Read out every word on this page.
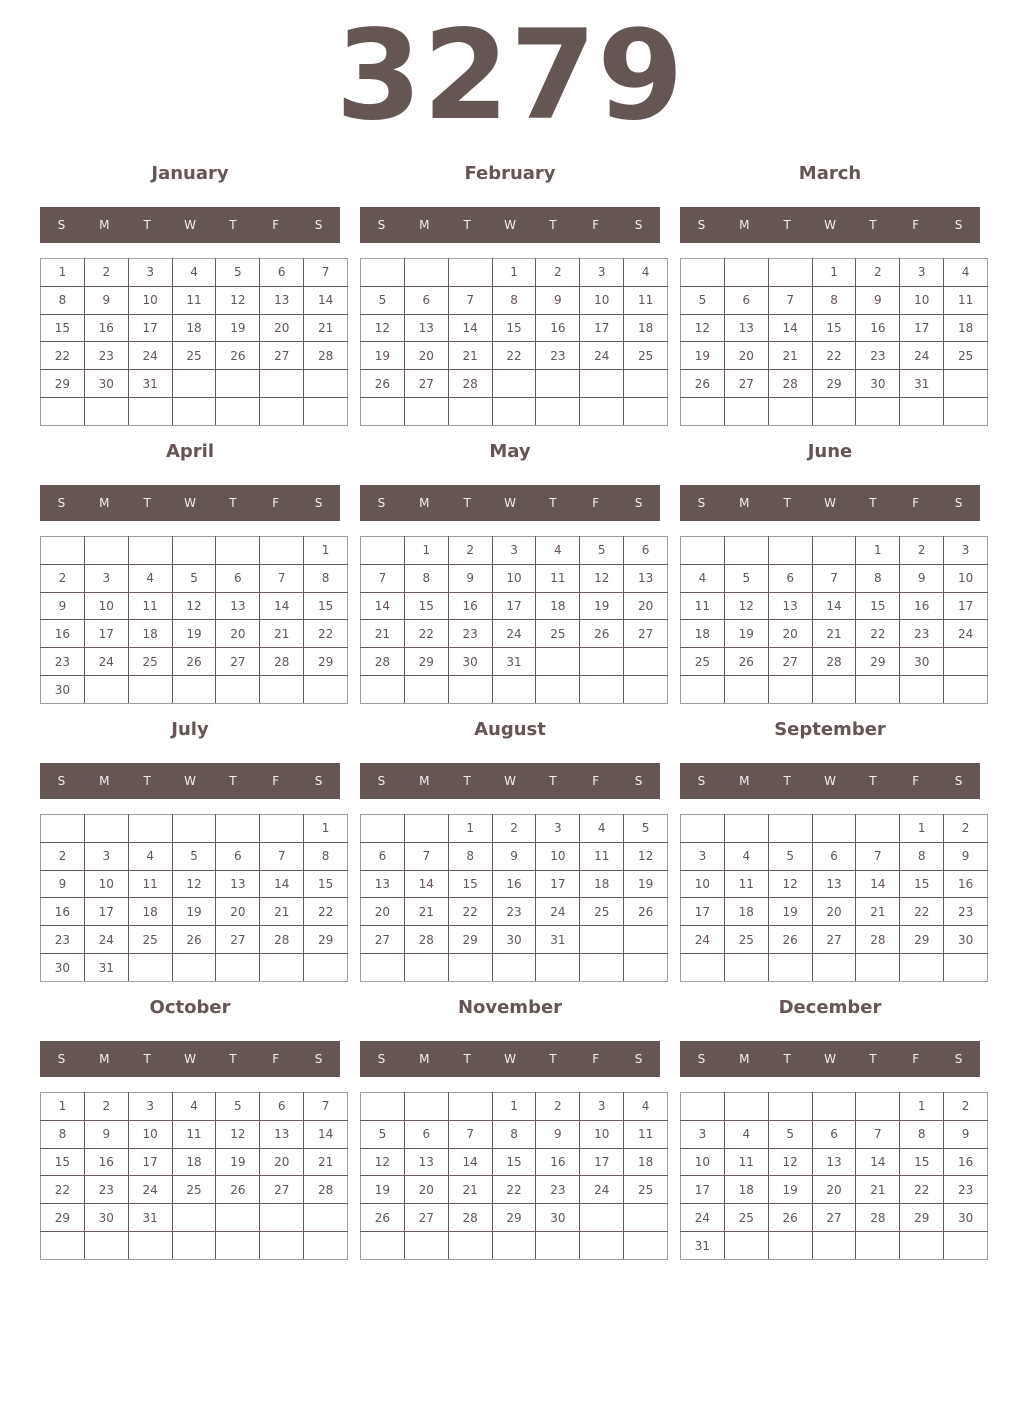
3279
January
S	M	T	W	T	F	S
1	2	3	4	5	6	7
8	9	10	11	12	13	14
15	16	17	18	19	20	21
22	23	24	25	26	27	28
29	30	31				

February
S	M	T	W	T	F	S
			1	2	3	4
5	6	7	8	9	10	11
12	13	14	15	16	17	18
19	20	21	22	23	24	25
26	27	28				

March
S	M	T	W	T	F	S
			1	2	3	4
5	6	7	8	9	10	11
12	13	14	15	16	17	18
19	20	21	22	23	24	25
26	27	28	29	30	31	

April
S	M	T	W	T	F	S
						1
2	3	4	5	6	7	8
9	10	11	12	13	14	15
16	17	18	19	20	21	22
23	24	25	26	27	28	29
30						
May
S	M	T	W	T	F	S
	1	2	3	4	5	6
7	8	9	10	11	12	13
14	15	16	17	18	19	20
21	22	23	24	25	26	27
28	29	30	31			

June
S	M	T	W	T	F	S
				1	2	3
4	5	6	7	8	9	10
11	12	13	14	15	16	17
18	19	20	21	22	23	24
25	26	27	28	29	30	

July
S	M	T	W	T	F	S
						1
2	3	4	5	6	7	8
9	10	11	12	13	14	15
16	17	18	19	20	21	22
23	24	25	26	27	28	29
30	31					
August
S	M	T	W	T	F	S
		1	2	3	4	5
6	7	8	9	10	11	12
13	14	15	16	17	18	19
20	21	22	23	24	25	26
27	28	29	30	31		

September
S	M	T	W	T	F	S
					1	2
3	4	5	6	7	8	9
10	11	12	13	14	15	16
17	18	19	20	21	22	23
24	25	26	27	28	29	30

October
S	M	T	W	T	F	S
1	2	3	4	5	6	7
8	9	10	11	12	13	14
15	16	17	18	19	20	21
22	23	24	25	26	27	28
29	30	31				

November
S	M	T	W	T	F	S
			1	2	3	4
5	6	7	8	9	10	11
12	13	14	15	16	17	18
19	20	21	22	23	24	25
26	27	28	29	30		

December
S	M	T	W	T	F	S
					1	2
3	4	5	6	7	8	9
10	11	12	13	14	15	16
17	18	19	20	21	22	23
24	25	26	27	28	29	30
31						
